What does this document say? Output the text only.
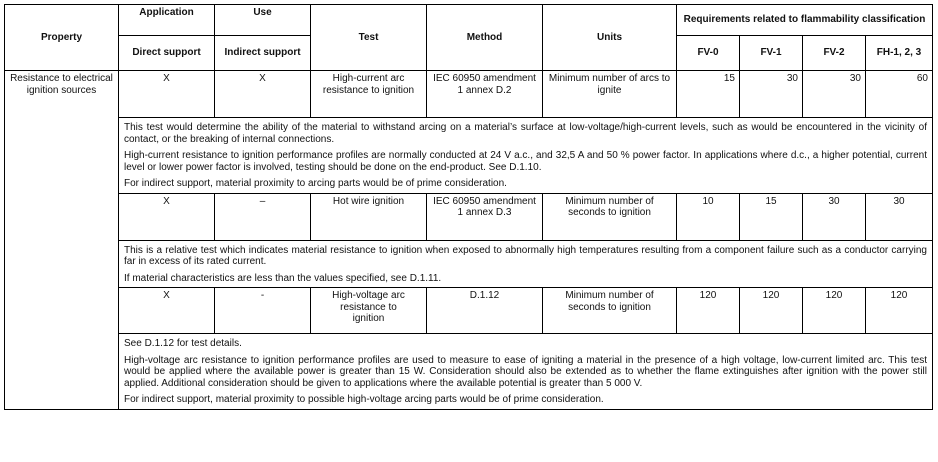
Property	Application	Use	Test	Method	Units	Requirements related to flammability classification			
	Direct support	Indirect support				FV-0	FV-1	FV-2	FH-1, 2, 3
Resistance to electrical ignition sources	X	X	High-current arc resistance to ignition	IEC 60950 amendment 1 annex D.2	Minimum number of arcs to ignite	15	30	30	60

	This test would determine the ability of the material to withstand arcing on a material’s surface at low-voltage/high-current levels, such as would be encountered in the vicinity of contact, or the breaking of internal connections.

High-current resistance to ignition performance profiles are normally conducted at 24 V a.c., and 32,5 A and 50 % power factor. In applications where d.c., a higher potential, current level or lower power factor is involved, testing should be done on the end-product. See D.1.10.

For indirect support, material proximity to arcing parts would be of prime consideration.								

	X	–	Hot wire ignition	IEC 60950 amendment 1 annex D.3	Minimum number of seconds to ignition	10	15	30	30

	This is a relative test which indicates material resistance to ignition when exposed to abnormally high temperatures resulting from a component failure such as a conductor carrying far in excess of its rated current.

If material characteristics are less than the values specified, see D.1.11.								

	X	-	High-voltage arc resistance to ignition	D.1.12	Minimum number of seconds to ignition	120	120	120	120

	See D.1.12 for test details.

High-voltage arc resistance to ignition performance profiles are used to measure to ease of igniting a material in the presence of a high voltage, low-current limited arc. This test would be applied where the available power is greater than 15 W. Consideration should also be extended as to whether the flame extinguishes after ignition with the power still applied. Additional consideration should be given to applications where the available potential is greater than 5 000 V.

For indirect support, material proximity to possible high-voltage arcing parts would be of prime consideration.								
